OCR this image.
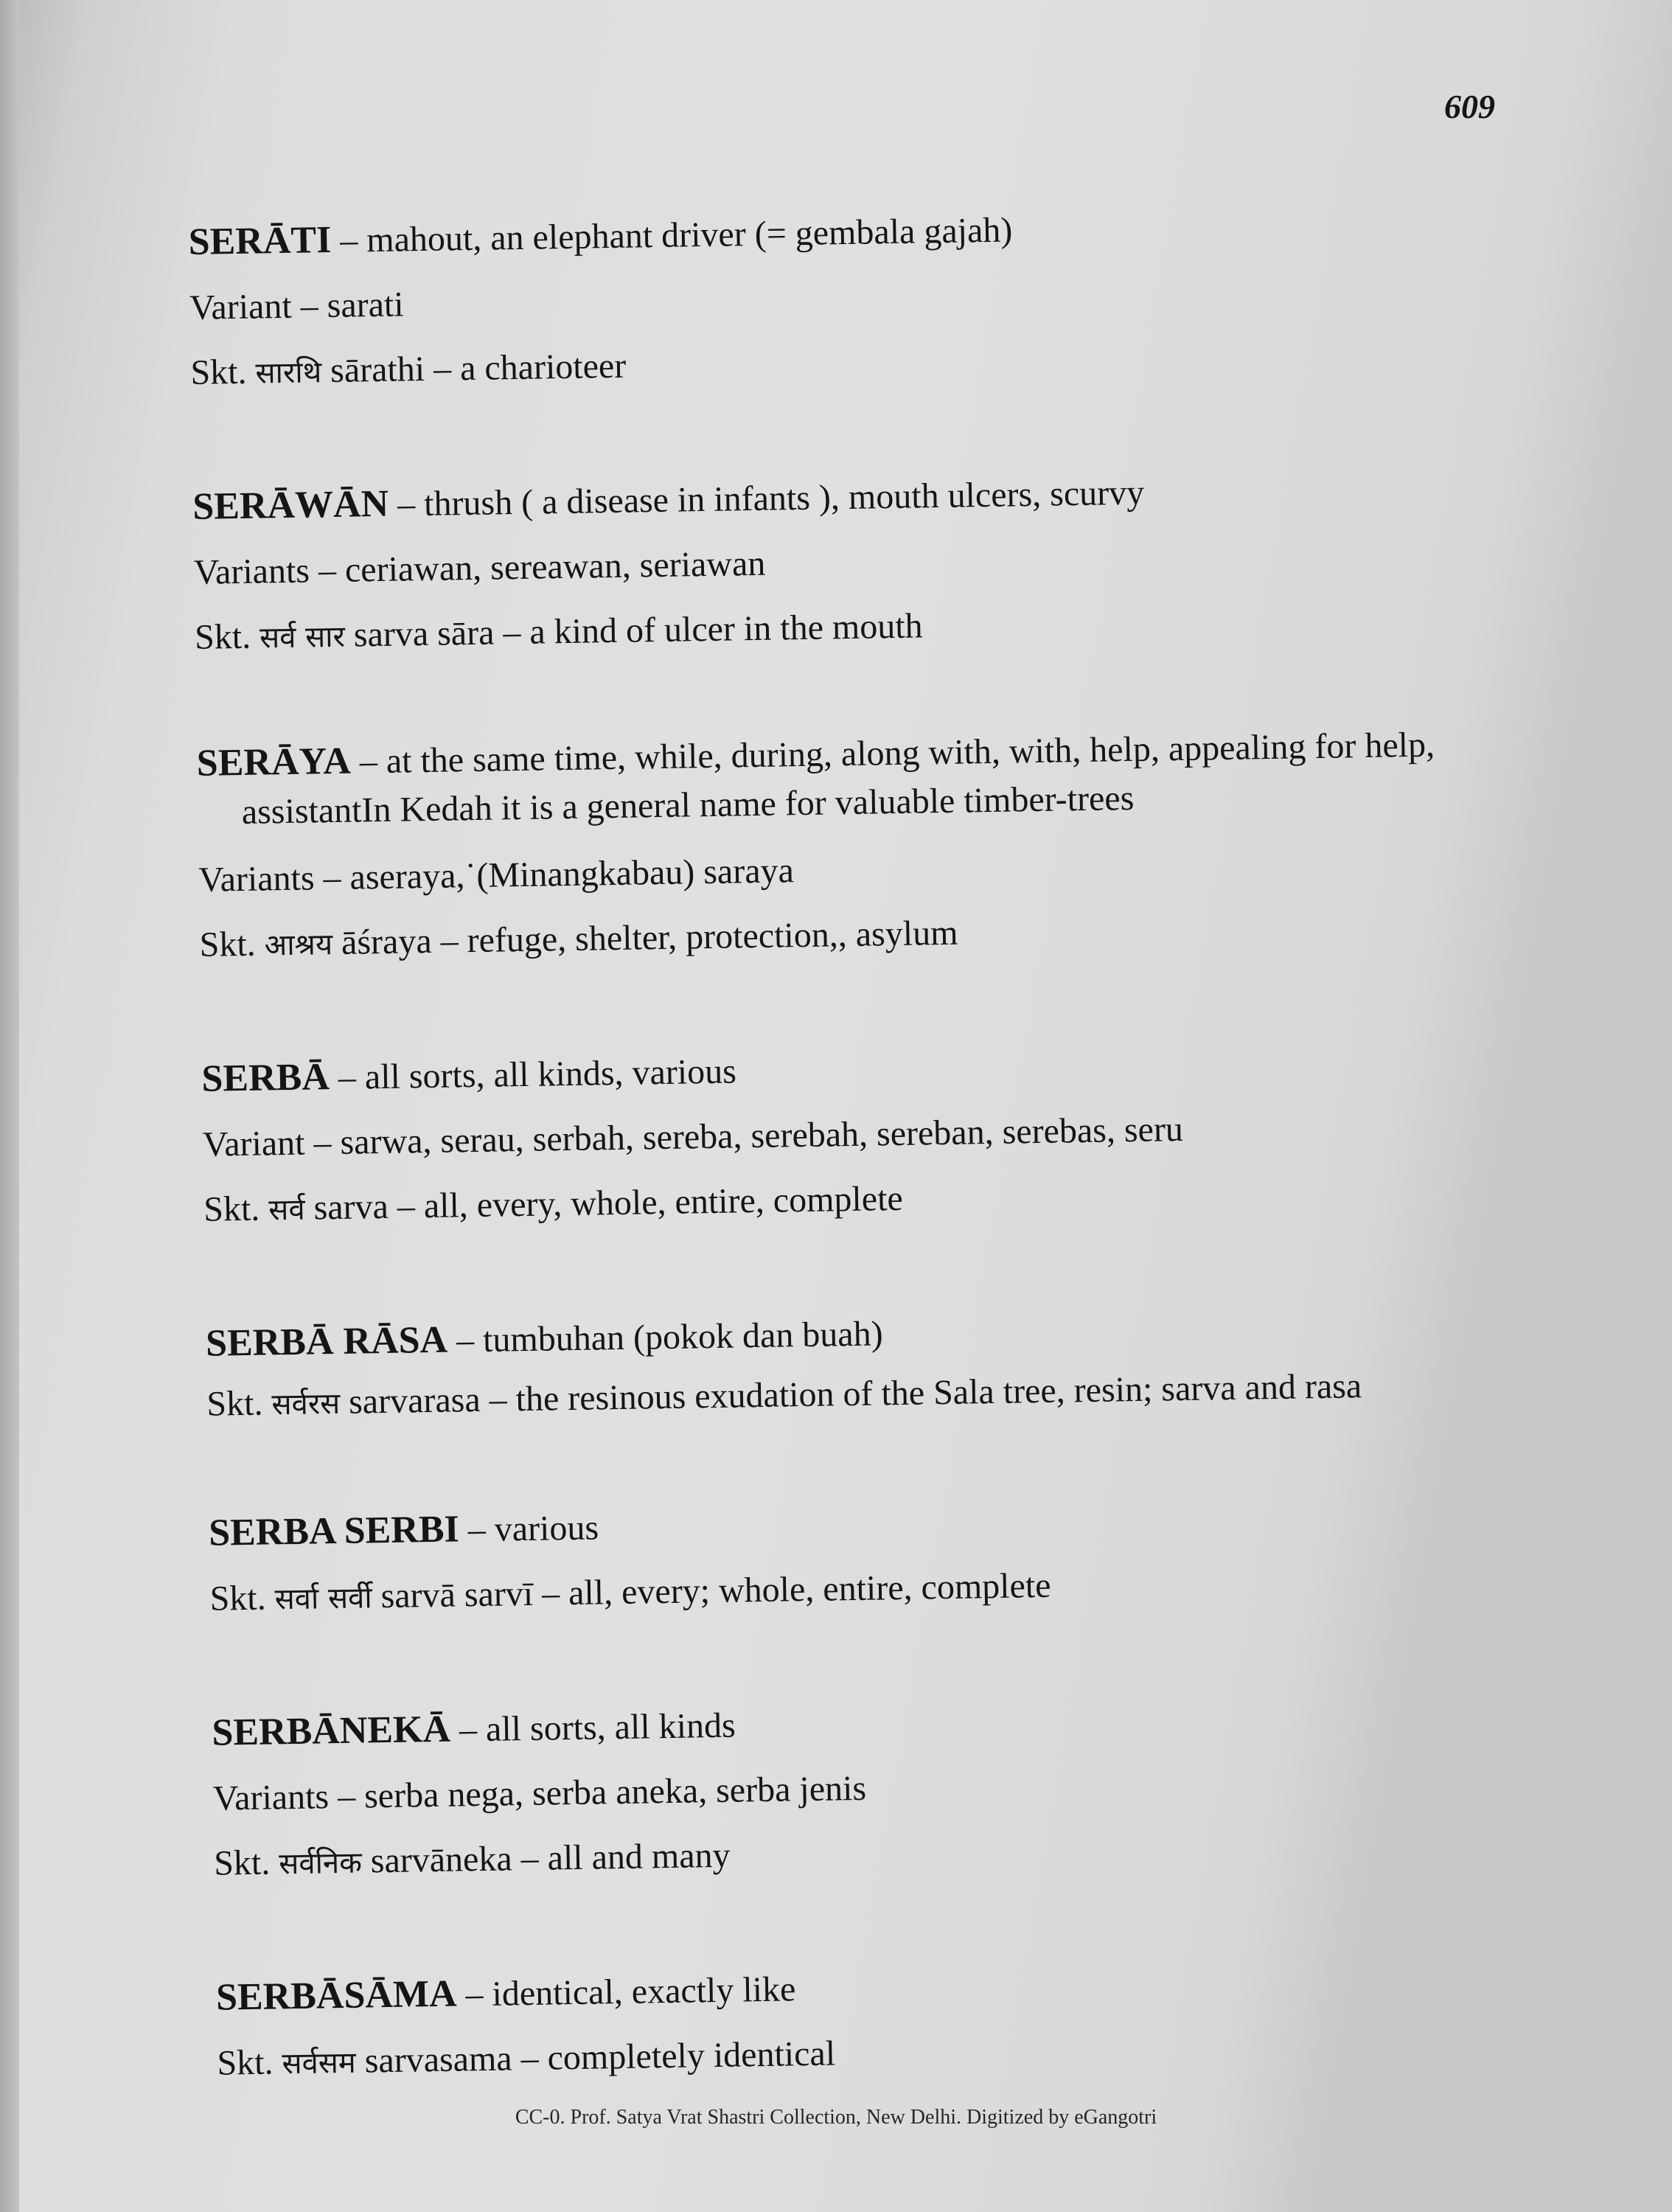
609
SERĀTI – mahout, an elephant driver (= gembala gajah)
Variant – sarati
Skt. सारथि sārathi – a charioteer
SERĀWĀN – thrush ( a disease in infants ), mouth ulcers, scurvy
Variants – ceriawan, sereawan, seriawan
Skt. सर्व सार sarva sāra – a kind of ulcer in the mouth
SERĀYA – at the same time, while, during, along with, with, help, appealing for help, assistantIn Kedah it is a general name for valuable timber-trees
Variants – aseraya,˙(Minangkabau) saraya
Skt. आश्रय āśraya – refuge, shelter, protection,, asylum
SERBĀ – all sorts, all kinds, various
Variant – sarwa, serau, serbah, sereba, serebah, sereban, serebas, seru
Skt. सर्व sarva – all, every, whole, entire, complete
SERBĀ RĀSA – tumbuhan (pokok dan buah)
Skt. सर्वरस sarvarasa – the resinous exudation of the Sala tree, resin; sarva and rasa
SERBA SERBI – various
Skt. सर्वा सर्वी sarvā sarvī – all, every; whole, entire, complete
SERBĀNEKĀ – all sorts, all kinds
Variants – serba nega, serba aneka, serba jenis
Skt. सर्वनिक sarvāneka – all and many
SERBĀSĀMA – identical, exactly like
Skt. सर्वसम sarvasama – completely identical
CC-0. Prof. Satya Vrat Shastri Collection, New Delhi. Digitized by eGangotri
